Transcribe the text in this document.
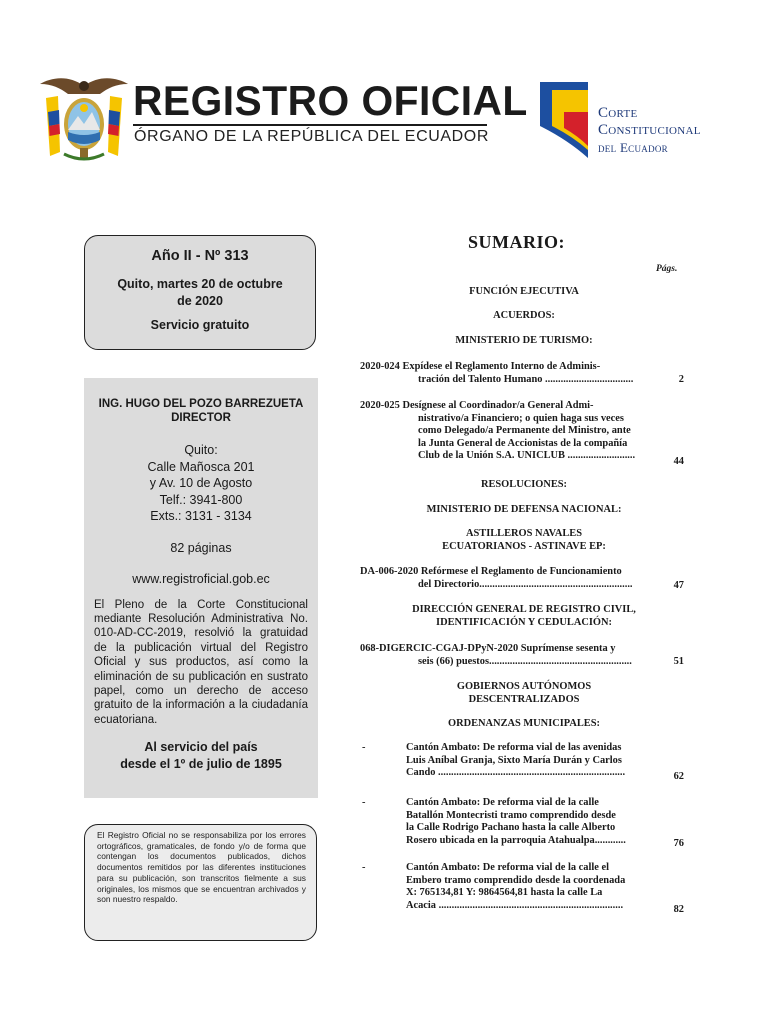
REGISTRO OFICIAL
ÓRGANO DE LA REPÚBLICA DEL ECUADOR
Corte
Constitucional
del Ecuador
Año II - Nº 313
Quito, martes 20 de octubre de 2020
Servicio gratuito
ING. HUGO DEL POZO BARREZUETA
DIRECTOR
Quito:
Calle Mañosca 201
y Av. 10 de Agosto
Telf.: 3941-800
Exts.: 3131 - 3134
82 páginas
www.registroficial.gob.ec
El Pleno de la Corte Constitucional mediante Resolución Administrativa No. 010-AD-CC-2019, resolvió la gratuidad de la publicación virtual del Registro Oficial y sus productos, así como la eliminación de su publicación en sustrato papel, como un derecho de acceso gratuito de la información a la ciudadanía ecuatoriana.
Al servicio del país
desde el 1º de julio de 1895
El Registro Oficial no se responsabiliza por los errores ortográficos, gramaticales, de fondo y/o de forma que contengan los documentos publicados, dichos documentos remitidos por las diferentes instituciones para su publicación, son transcritos fielmente a sus originales, los mismos que se encuentran archivados y son nuestro respaldo.
SUMARIO:
Págs.
FUNCIÓN EJECUTIVA
ACUERDOS:
MINISTERIO DE TURISMO:
2020-024 Expídese el Reglamento Interno de Adminis-
tración del Talento Humano ..................................	2
2020-025 Desígnese al Coordinador/a General Admi-
nistrativo/a Financiero; o quien haga sus veces
como Delegado/a Permanente del Ministro, ante
la Junta General de Accionistas de la compañía
Club de la Unión S.A. UNICLUB ..........................
44
RESOLUCIONES:
MINISTERIO DE DEFENSA NACIONAL:
ASTILLEROS NAVALES
ECUATORIANOS - ASTINAVE EP:
DA-006-2020 Refórmese el Reglamento de Funcionamiento
del Directorio...........................................................	47
DIRECCIÓN GENERAL DE REGISTRO CIVIL,
IDENTIFICACIÓN Y CEDULACIÓN:
068-DIGERCIC-CGAJ-DPyN-2020 Suprímense sesenta y
seis (66) puestos.......................................................	51
GOBIERNOS AUTÓNOMOS
DESCENTRALIZADOS
ORDENANZAS MUNICIPALES:
-	Cantón Ambato: De reforma vial de las avenidas
Luis Aníbal Granja, Sixto María Durán y Carlos
Cando ........................................................................	62
-	Cantón Ambato: De reforma vial de la calle
Batallón Montecristi tramo comprendido desde
la Calle Rodrigo Pachano hasta la calle Alberto
Rosero ubicada en la parroquia Atahualpa............	76
-	Cantón Ambato: De reforma vial de la calle el
Embero tramo comprendido desde la coordenada
X: 765134,81 Y: 9864564,81 hasta la calle La
Acacia .......................................................................	82
